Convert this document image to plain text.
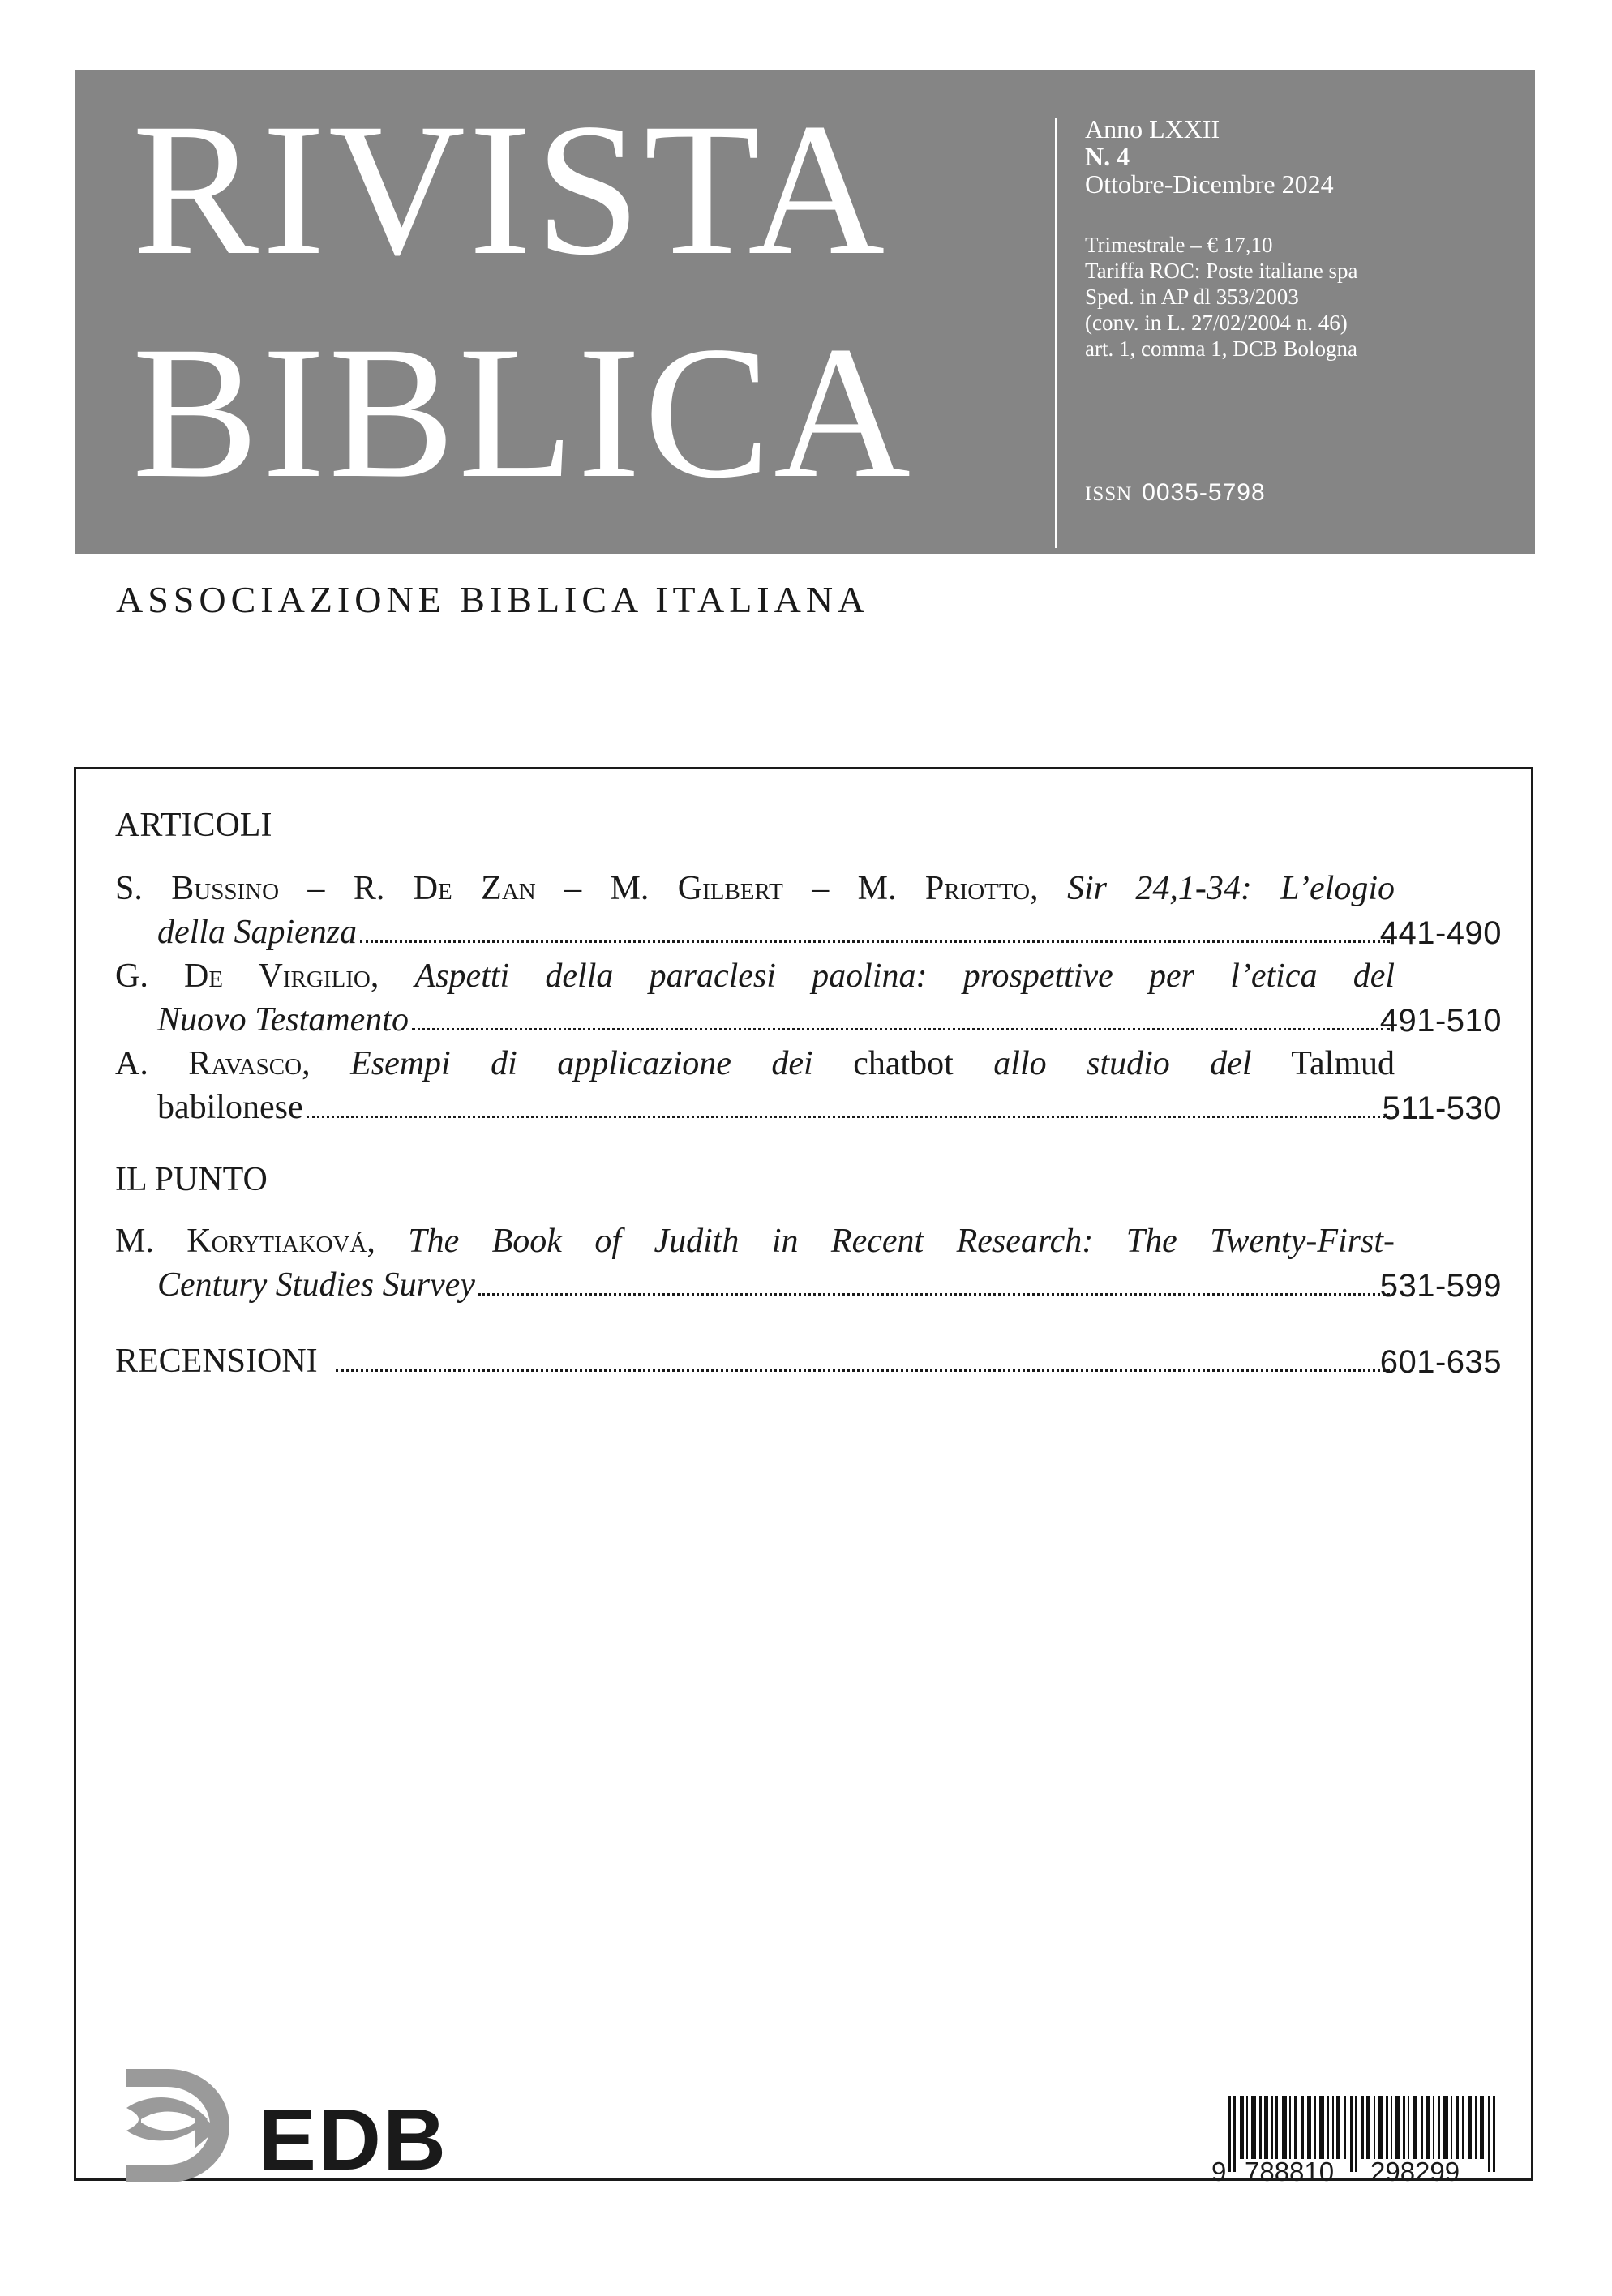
RIVISTA
BIBLICA
Anno LXXII
N. 4
Ottobre-Dicembre 2024
Trimestrale – € 17,10
Tariffa ROC: Poste italiane spa
Sped. in AP dl 353/2003
(conv. in L. 27/02/2004 n. 46)
art. 1, comma 1, DCB Bologna
ISSN 0035-5798
ASSOCIAZIONE BIBLICA ITALIANA
ARTICOLI
S. Bussino – R. De Zan – M. Gilbert – M. Priotto, Sir 24,1-34: L’elogio
della Sapienza	441-490
G. De Virgilio, Aspetti della paraclesi paolina: prospettive per l’etica del
Nuovo Testamento	491-510
A. Ravasco, Esempi di applicazione dei chatbot allo studio del Talmud
babilonese	511-530
IL PUNTO
M. Korytiaková, The Book of Judith in Recent Research: The Twenty-First-
Century Studies Survey	531-599
RECENSIONI	601-635
EDB	9 788810 298299
